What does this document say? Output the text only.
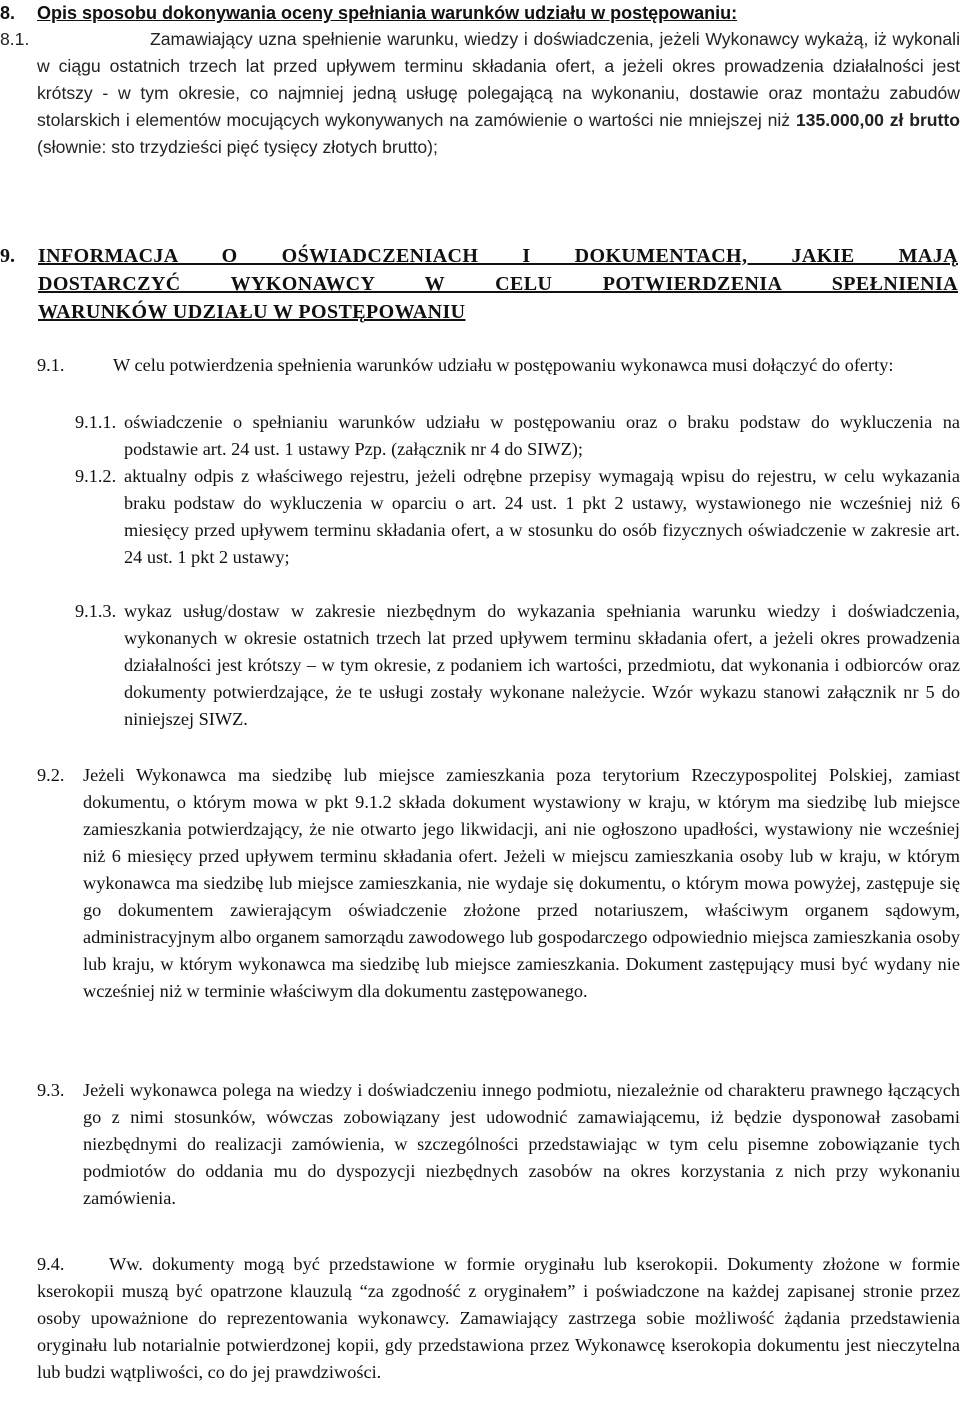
8. Opis sposobu dokonywania oceny spełniania warunków udziału w postępowaniu:
8.1.	Zamawiający uzna spełnienie warunku, wiedzy i doświadczenia, jeżeli Wykonawcy wykażą, iż wykonali w ciągu ostatnich trzech lat przed upływem terminu składania ofert, a jeżeli okres prowadzenia działalności jest krótszy - w tym okresie, co najmniej jedną usługę polegającą na wykonaniu, dostawie oraz montażu zabudów stolarskich i elementów mocujących wykonywanych na zamówienie o wartości nie mniejszej niż 135.000,00 zł brutto (słownie: sto trzydzieści pięć tysięcy złotych brutto);
9. INFORMACJA O OŚWIADCZENIACH I DOKUMENTACH, JAKIE MAJĄ
DOSTARCZYĆ WYKONAWCY W CELU POTWIERDZENIA SPEŁNIENIA
WARUNKÓW UDZIAŁU W POSTĘPOWANIU
9.1.	W celu potwierdzenia spełnienia warunków udziału w postępowaniu wykonawca musi dołączyć do oferty:
9.1.1. oświadczenie o spełnianiu warunków udziału w postępowaniu oraz o braku podstaw do wykluczenia na podstawie art. 24 ust. 1 ustawy Pzp. (załącznik nr 4 do SIWZ);
9.1.2. aktualny odpis z właściwego rejestru, jeżeli odrębne przepisy wymagają wpisu do rejestru, w celu wykazania braku podstaw do wykluczenia w oparciu o art. 24 ust. 1 pkt 2 ustawy, wystawionego nie wcześniej niż 6 miesięcy przed upływem terminu składania ofert, a w stosunku do osób fizycznych oświadczenie w zakresie art. 24 ust. 1 pkt 2 ustawy;
9.1.3. wykaz usług/dostaw w zakresie niezbędnym do wykazania spełniania warunku wiedzy i doświadczenia, wykonanych w okresie ostatnich trzech lat przed upływem terminu składania ofert, a jeżeli okres prowadzenia działalności jest krótszy – w tym okresie, z podaniem ich wartości, przedmiotu, dat wykonania i odbiorców oraz dokumenty potwierdzające, że te usługi zostały wykonane należycie. Wzór wykazu stanowi załącznik nr 5 do niniejszej SIWZ.
9.2. Jeżeli Wykonawca ma siedzibę lub miejsce zamieszkania poza terytorium Rzeczypospolitej Polskiej, zamiast dokumentu, o którym mowa w pkt 9.1.2 składa dokument wystawiony w kraju, w którym ma siedzibę lub miejsce zamieszkania potwierdzający, że nie otwarto jego likwidacji, ani nie ogłoszono upadłości, wystawiony nie wcześniej niż 6 miesięcy przed upływem terminu składania ofert. Jeżeli w miejscu zamieszkania osoby lub w kraju, w którym wykonawca ma siedzibę lub miejsce zamieszkania, nie wydaje się dokumentu, o którym mowa powyżej, zastępuje się go dokumentem zawierającym oświadczenie złożone przed notariuszem, właściwym organem sądowym, administracyjnym albo organem samorządu zawodowego lub gospodarczego odpowiednio miejsca zamieszkania osoby lub kraju, w którym wykonawca ma siedzibę lub miejsce zamieszkania. Dokument zastępujący musi być wydany nie wcześniej niż w terminie właściwym dla dokumentu zastępowanego.
9.3. Jeżeli wykonawca polega na wiedzy i doświadczeniu innego podmiotu, niezależnie od charakteru prawnego łączących go z nimi stosunków, wówczas zobowiązany jest udowodnić zamawiającemu, iż będzie dysponował zasobami niezbędnymi do realizacji zamówienia, w szczególności przedstawiając w tym celu pisemne zobowiązanie tych podmiotów do oddania mu do dyspozycji niezbędnych zasobów na okres korzystania z nich przy wykonaniu zamówienia.
9.4.	Ww. dokumenty mogą być przedstawione w formie oryginału lub kserokopii. Dokumenty złożone w formie kserokopii muszą być opatrzone klauzulą “za zgodność z oryginałem” i poświadczone na każdej zapisanej stronie przez osoby upoważnione do reprezentowania wykonawcy. Zamawiający zastrzega sobie możliwość żądania przedstawienia oryginału lub notarialnie potwierdzonej kopii, gdy przedstawiona przez Wykonawcę kserokopia dokumentu jest nieczytelna lub budzi wątpliwości, co do jej prawdziwości.
